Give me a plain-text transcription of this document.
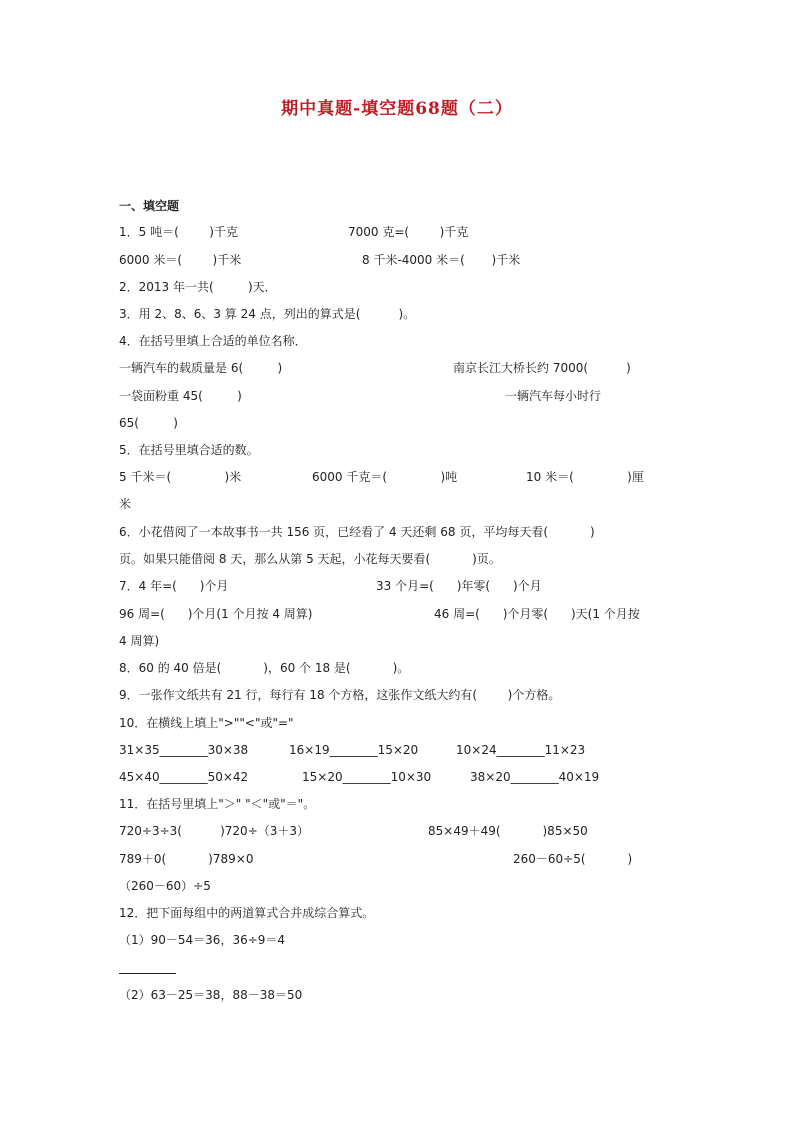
期中真题-填空题68题（二）
一、填空题
1．5 吨＝(        )千克	7000 克=(        )千克
6000 米＝(        )千米	8 千米-4000 米＝(       )千米
2．2013 年一共(         )天．
3．用 2、8、6、3 算 24 点，列出的算式是(          )。
4．在括号里填上合适的单位名称．
一辆汽车的载质量是 6(         )	南京长江大桥长约 7000(          )
一袋面粉重 45(         )	一辆汽车每小时行
65(         )
5．在括号里填合适的数。
5 千米＝(              )米	6000 千克＝(              )吨	10 米＝(              )厘
米
6．小花借阅了一本故事书一共 156 页，已经看了 4 天还剩 68 页，平均每天看(           )
页。如果只能借阅 8 天，那么从第 5 天起，小花每天要看(           )页。
7．4 年=(      )个月	33 个月=(      )年零(      )个月
96 周=(      )个月(1 个月按 4 周算)	46 周=(      )个月零(      )天(1 个月按
4 周算)
8．60 的 40 倍是(           )，60 个 18 是(           )。
9．一张作文纸共有 21 行，每行有 18 个方格，这张作文纸大约有(        )个方格。
10．在横线上填上">""<"或"="
31×35________30×38	16×19________15×20	10×24________11×23
45×40________50×42	15×20________10×30	38×20________40×19
11．在括号里填上"＞" "＜"或"＝"。
720÷3÷3(          )720÷（3＋3）	85×49＋49(           )85×50
789＋0(           )789×0	260－60÷5(           )
（260－60）÷5
12．把下面每组中的两道算式合并成综合算式。
（1）90－54＝36，36÷9＝4
（2）63－25＝38，88－38＝50
